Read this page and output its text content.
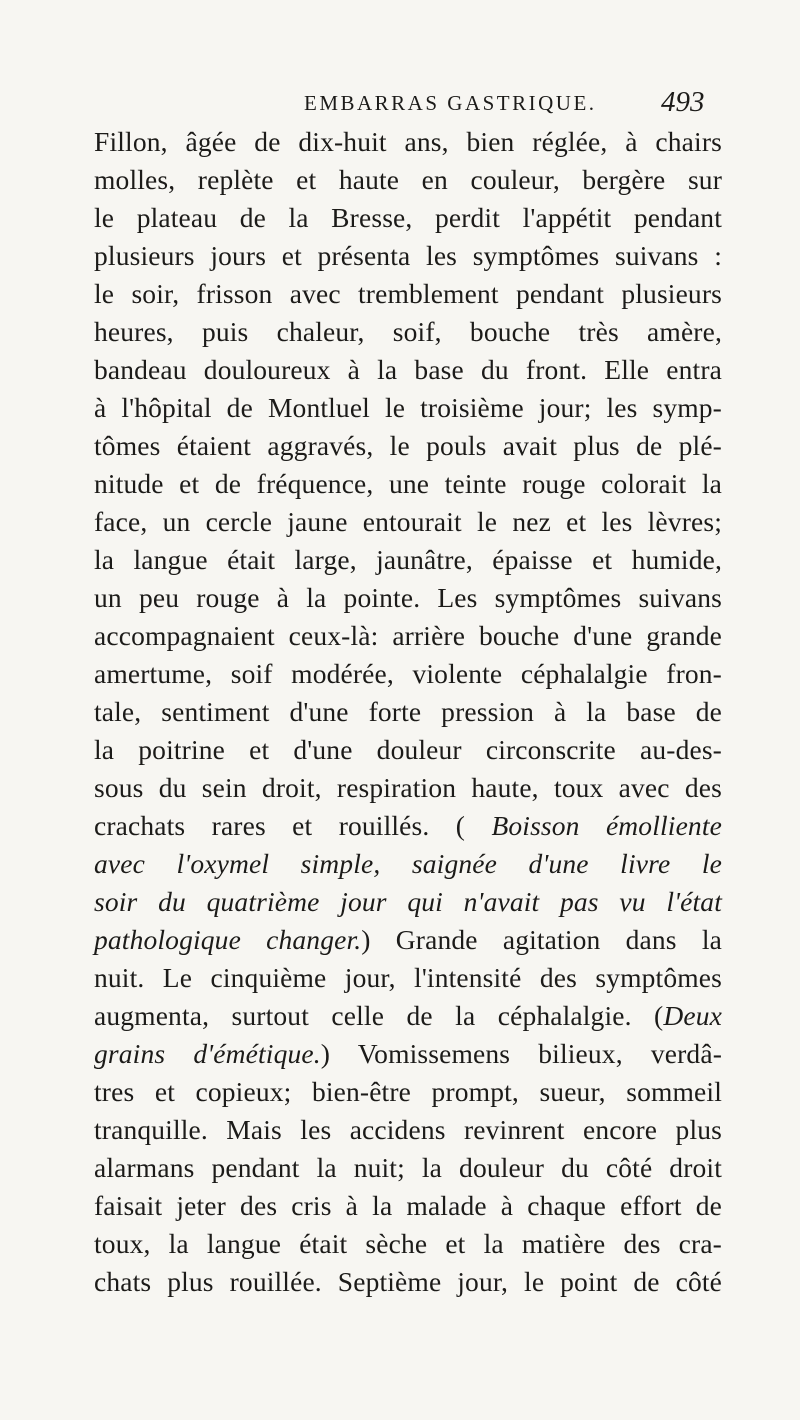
EMBARRAS GASTRIQUE. 493
Fillon, âgée de dix-huit ans, bien réglée, à chairs
molles, replète et haute en couleur, bergère sur
le plateau de la Bresse, perdit l'appétit pendant
plusieurs jours et présenta les symptômes suivans :
le soir, frisson avec tremblement pendant plusieurs
heures, puis chaleur, soif, bouche très amère,
bandeau douloureux à la base du front. Elle entra
à l'hôpital de Montluel le troisième jour; les symp-
tômes étaient aggravés, le pouls avait plus de plé-
nitude et de fréquence, une teinte rouge colorait la
face, un cercle jaune entourait le nez et les lèvres;
la langue était large, jaunâtre, épaisse et humide,
un peu rouge à la pointe. Les symptômes suivans
accompagnaient ceux-là: arrière bouche d'une grande
amertume, soif modérée, violente céphalalgie fron-
tale, sentiment d'une forte pression à la base de
la poitrine et d'une douleur circonscrite au-des-
sous du sein droit, respiration haute, toux avec des
crachats rares et rouillés. ( Boisson émolliente
avec l'oxymel simple, saignée d'une livre le
soir du quatrième jour qui n'avait pas vu l'état
pathologique changer.) Grande agitation dans la
nuit. Le cinquième jour, l'intensité des symptômes
augmenta, surtout celle de la céphalalgie. (Deux
grains d'émétique.) Vomissemens bilieux, verdâ-
tres et copieux; bien-être prompt, sueur, sommeil
tranquille. Mais les accidens revinrent encore plus
alarmans pendant la nuit; la douleur du côté droit
faisait jeter des cris à la malade à chaque effort de
toux, la langue était sèche et la matière des cra-
chats plus rouillée. Septième jour, le point de côté
